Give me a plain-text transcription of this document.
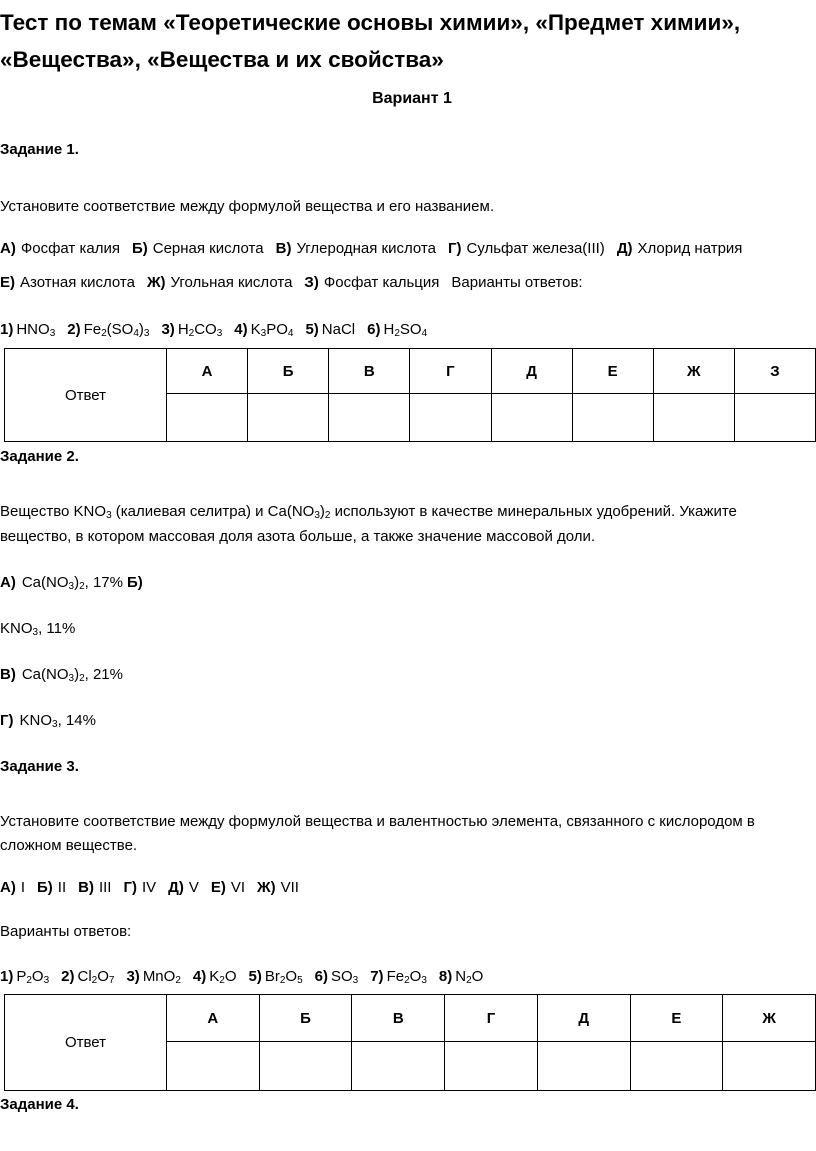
Тест по темам «Теоретические основы химии», «Предмет химии», «Вещества», «Вещества и их свойства»
Вариант 1
Задание 1.
Установите соответствие между формулой вещества и его названием.
А) Фосфат калия Б) Серная кислота В) Углеродная кислота Г) Сульфат железа(III) Д) Хлорид натрия
Е) Азотная кислота Ж) Угольная кислота З) Фосфат кальция Варианты ответов:
1) $HNO_3$ 2) $Fe_2(SO_4)_3$ 3) $H_2CO_3$ 4) $K_3PO_4$ 5) NaCl 6) $H_2SO_4$
Ответ	А	Б	В	Г	Д	Е	Ж	З

Задание 2.
Вещество $KNO_3$ (калиевая селитра) и $Ca(NO_3)_2$ используют в качестве минеральных удобрений. Укажите
вещество, в котором массовая доля азота больше, а также значение массовой доли.
А) $Ca(NO_3)_2$, 17% Б)
$KNO_3$, 11%
В) $Ca(NO_3)_2$, 21%
Г) $KNO_3$, 14%
Задание 3.
Установите соответствие между формулой вещества и валентностью элемента, связанного с кислородом в
сложном веществе.
А) I Б) II В) III Г) IV Д) V Е) VI Ж) VII
Варианты ответов:
1) $P_2O_3$ 2) $Cl_2O_7$ 3) MnO$_2$ 4) $K_2O$ 5) $Br_2O_5$ 6) $SO_3$ 7) $Fe_2O_3$ 8) $N_2O$
Ответ	А	Б	В	Г	Д	Е	Ж

Задание 4.
